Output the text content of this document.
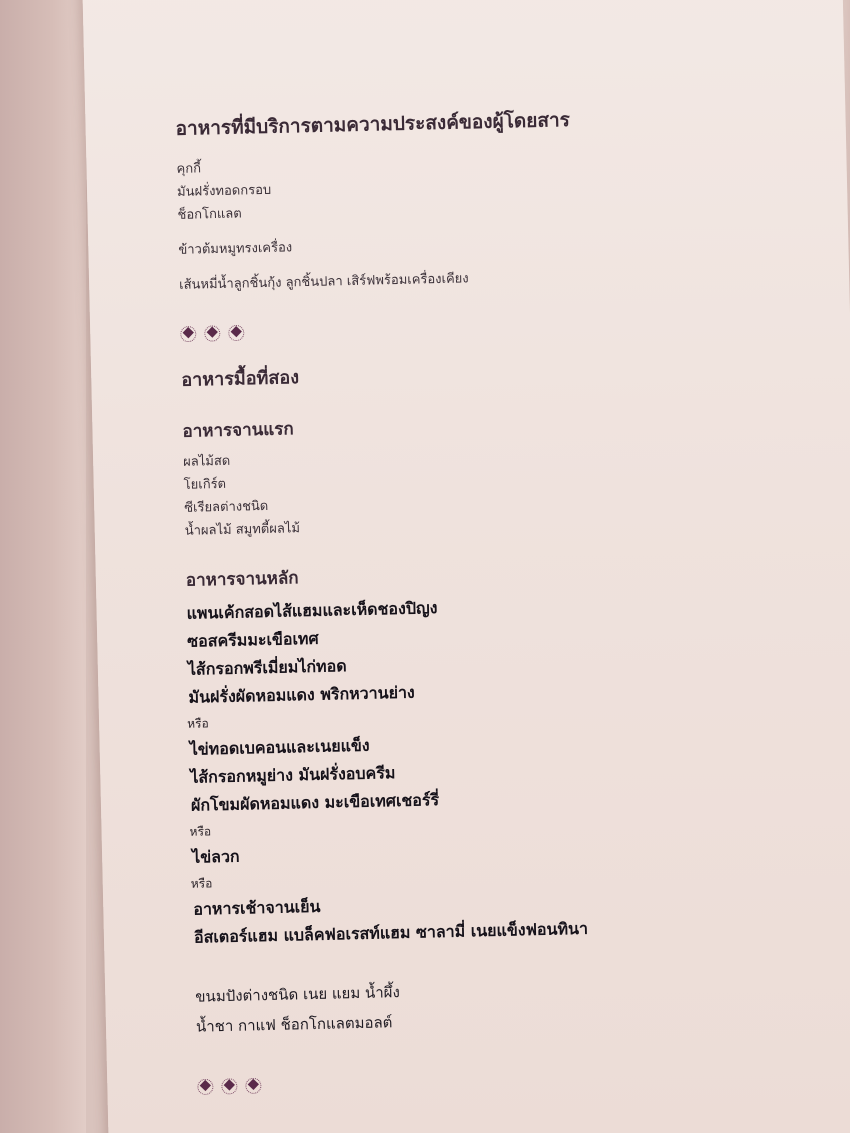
อาหารที่มีบริการตามความประสงค์ของผู้โดยสาร
คุกกี้
มันฝรั่งทอดกรอบ
ช็อกโกแลต
ข้าวต้มหมูทรงเครื่อง
เส้นหมี่น้ำลูกชิ้นกุ้ง ลูกชิ้นปลา เสิร์ฟพร้อมเครื่องเคียง
อาหารมื้อที่สอง
อาหารจานแรก
ผลไม้สด
โยเกิร์ต
ซีเรียลต่างชนิด
น้ำผลไม้ สมูทตี้ผลไม้
อาหารจานหลัก
แพนเค้กสอดไส้แฮมและเห็ดชองปิญง
ซอสครีมมะเขือเทศ
ไส้กรอกพรีเมี่ยมไก่ทอด
มันฝรั่งผัดหอมแดง พริกหวานย่าง
หรือ
ไข่ทอดเบคอนและเนยแข็ง
ไส้กรอกหมูย่าง มันฝรั่งอบครีม
ผักโขมผัดหอมแดง มะเขือเทศเชอร์รี่
หรือ
ไข่ลวก
หรือ
อาหารเช้าจานเย็น
อีสเตอร์แฮม แบล็คฟอเรสท์แฮม ซาลามี่ เนยแข็งฟอนทินา
ขนมปังต่างชนิด เนย แยม น้ำผึ้ง
น้ำชา กาแฟ ช็อกโกแลตมอลต์
